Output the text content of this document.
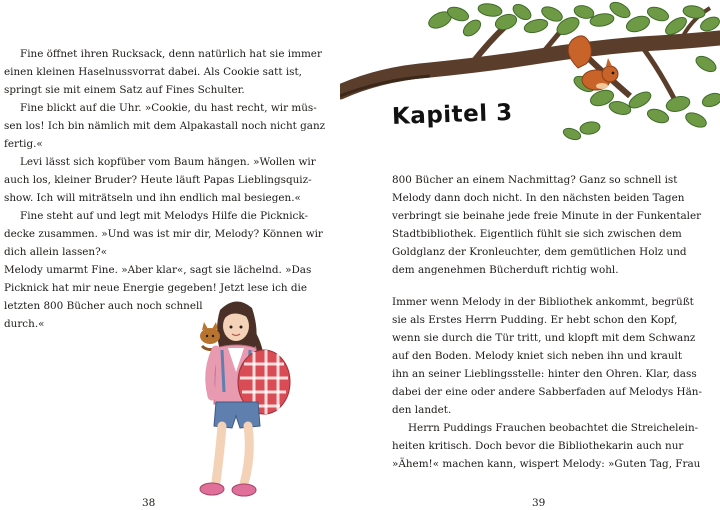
Fine öffnet ihren Rucksack, denn natürlich hat sie immer
einen kleinen Haselnussvorrat dabei. Als Cookie satt ist,
springt sie mit einem Satz auf Fines Schulter.
Fine blickt auf die Uhr. »Cookie, du hast recht, wir müs-
sen los! Ich bin nämlich mit dem Alpakastall noch nicht ganz
fertig.«
Levi lässt sich kopfüber vom Baum hängen. »Wollen wir
auch los, kleiner Bruder? Heute läuft Papas Lieblingsquiz-
show. Ich will miträtseln und ihn endlich mal besiegen.«
Fine steht auf und legt mit Melodys Hilfe die Picknick-
decke zusammen. »Und was ist mir dir, Melody? Können wir
dich allein lassen?«
Melody umarmt Fine. »Aber klar«, sagt sie lächelnd. »Das
Picknick hat mir neue Energie gegeben! Jetzt lese ich die
letzten 800 Bücher auch noch schnell
durch.«
38
Kapitel 3
800 Bücher an einem Nachmittag? Ganz so schnell ist
Melody dann doch nicht. In den nächsten beiden Tagen
verbringt sie beinahe jede freie Minute in der Funkentaler
Stadtbibliothek. Eigentlich fühlt sie sich zwischen dem
Goldglanz der Kronleuchter, dem gemütlichen Holz und
dem angenehmen Bücherduft richtig wohl.
Immer wenn Melody in der Bibliothek ankommt, begrüßt
sie als Erstes Herrn Pudding. Er hebt schon den Kopf,
wenn sie durch die Tür tritt, und klopft mit dem Schwanz
auf den Boden. Melody kniet sich neben ihn und krault
ihn an seiner Lieblingsstelle: hinter den Ohren. Klar, dass
dabei der eine oder andere Sabberfaden auf Melodys Hän-
den landet.
Herrn Puddings Frauchen beobachtet die Streichelein-
heiten kritisch. Doch bevor die Bibliothekarin auch nur
»Ähem!« machen kann, wispert Melody: »Guten Tag, Frau
39
